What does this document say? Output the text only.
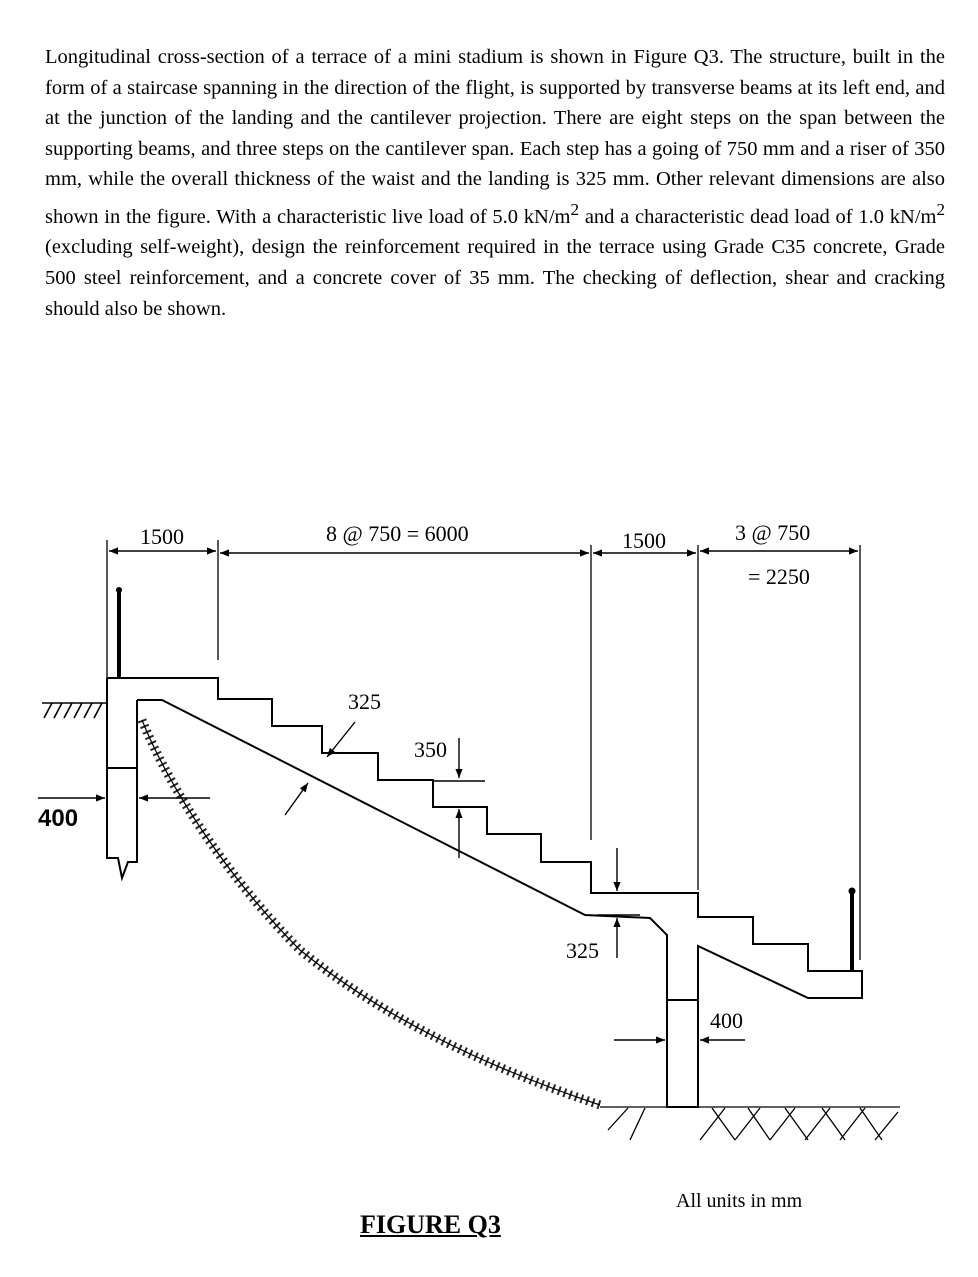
Longitudinal cross-section of a terrace of a mini stadium is shown in Figure Q3. The structure, built in the form of a staircase spanning in the direction of the flight, is supported by transverse beams at its left end, and at the junction of the landing and the cantilever projection. There are eight steps on the span between the supporting beams, and three steps on the cantilever span. Each step has a going of 750 mm and a riser of 350 mm, while the overall thickness of the waist and the landing is 325 mm. Other relevant dimensions are also shown in the figure. With a characteristic live load of 5.0 $kN/m^2$ and a characteristic dead load of 1.0 $kN/m^2$ (excluding self-weight), design the reinforcement required in the terrace using Grade C35 concrete, Grade 500 steel reinforcement, and a concrete cover of 35 mm. The checking of deflection, shear and cracking should also be shown.

1500	8 @ 750 = 6000	1500	3 @ 750
= 2250
325
350
325
400
400
All units in mm
FIGURE Q3
